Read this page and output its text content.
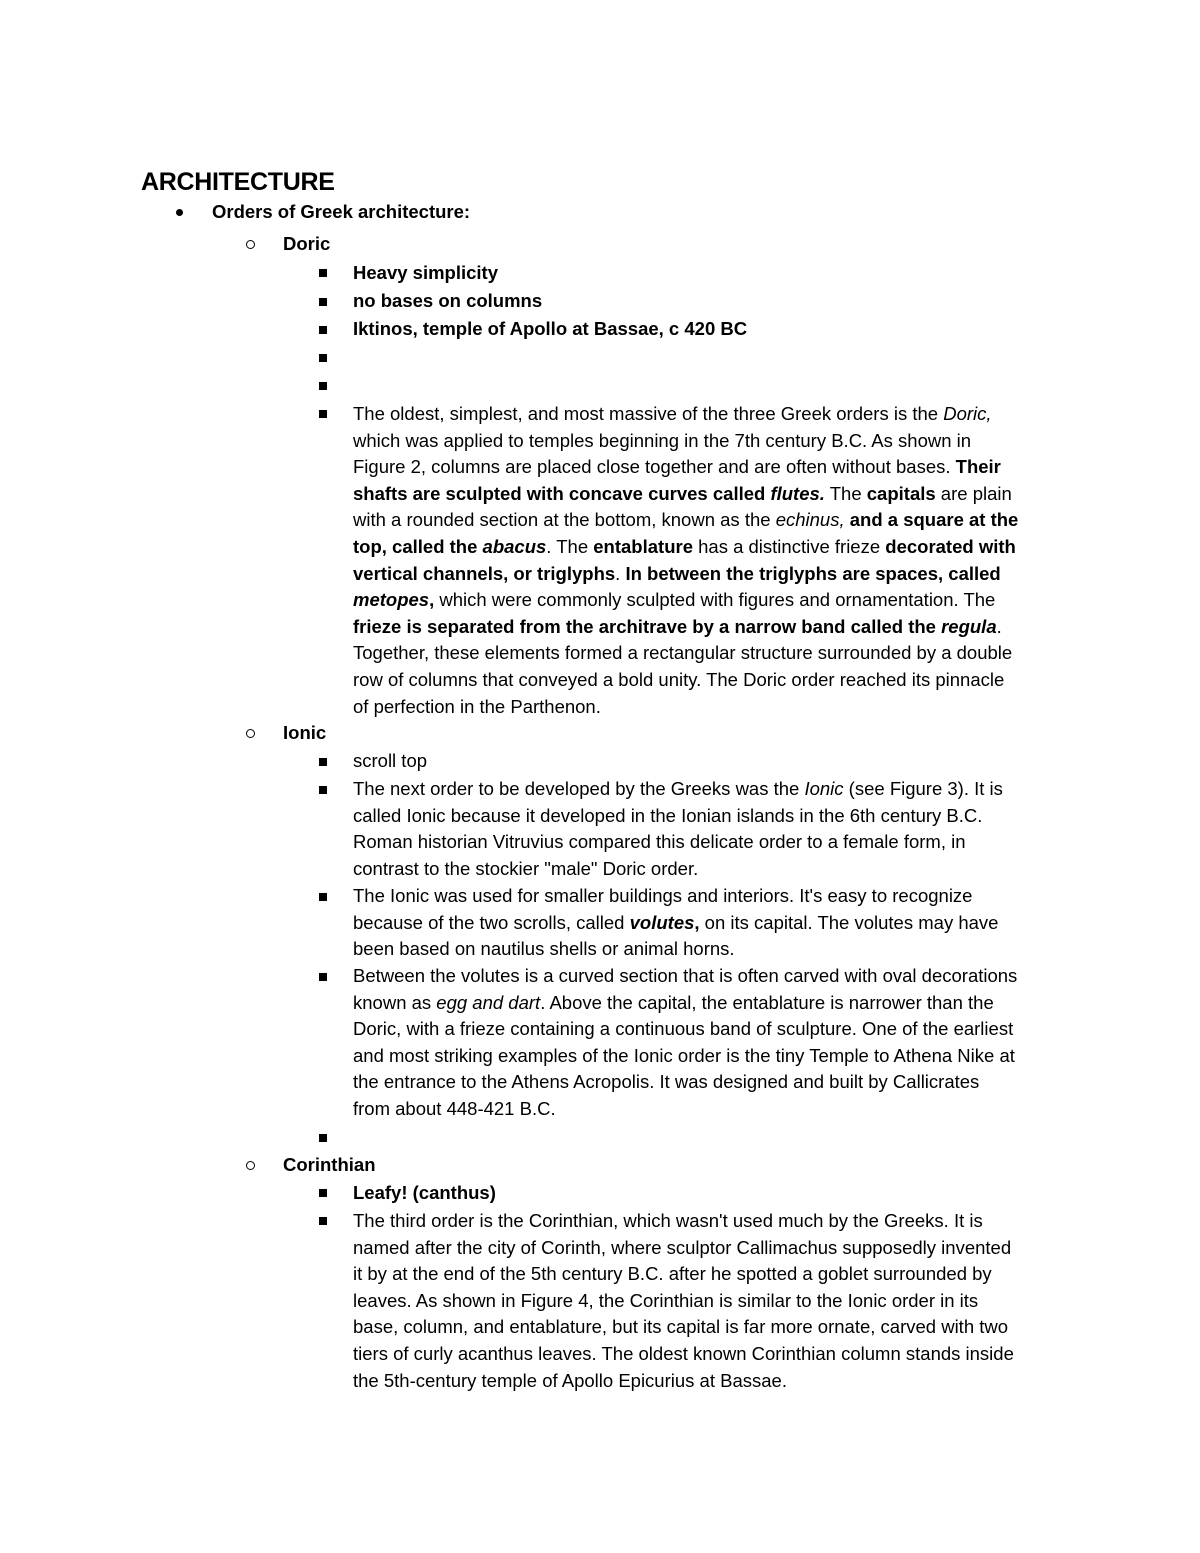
ARCHITECTURE
Orders of Greek architecture:
Doric
Heavy simplicity
no bases on columns
Iktinos, temple of Apollo at Bassae, c 420 BC
The oldest, simplest, and most massive of the three Greek orders is the Doric,
which was applied to temples beginning in the 7th century B.C. As shown in
Figure 2, columns are placed close together and are often without bases. Their
shafts are sculpted with concave curves called flutes. The capitals are plain
with a rounded section at the bottom, known as the echinus, and a square at the
top, called the abacus. The entablature has a distinctive frieze decorated with
vertical channels, or triglyphs. In between the triglyphs are spaces, called
metopes, which were commonly sculpted with figures and ornamentation. The
frieze is separated from the architrave by a narrow band called the regula.
Together, these elements formed a rectangular structure surrounded by a double
row of columns that conveyed a bold unity. The Doric order reached its pinnacle
of perfection in the Parthenon.
Ionic
scroll top
The next order to be developed by the Greeks was the Ionic (see Figure 3). It is
called Ionic because it developed in the Ionian islands in the 6th century B.C.
Roman historian Vitruvius compared this delicate order to a female form, in
contrast to the stockier "male" Doric order.
The Ionic was used for smaller buildings and interiors. It's easy to recognize
because of the two scrolls, called volutes, on its capital. The volutes may have
been based on nautilus shells or animal horns.
Between the volutes is a curved section that is often carved with oval decorations
known as egg and dart. Above the capital, the entablature is narrower than the
Doric, with a frieze containing a continuous band of sculpture. One of the earliest
and most striking examples of the Ionic order is the tiny Temple to Athena Nike at
the entrance to the Athens Acropolis. It was designed and built by Callicrates
from about 448-421 B.C.
Corinthian
Leafy! (canthus)
The third order is the Corinthian, which wasn't used much by the Greeks. It is
named after the city of Corinth, where sculptor Callimachus supposedly invented
it by at the end of the 5th century B.C. after he spotted a goblet surrounded by
leaves. As shown in Figure 4, the Corinthian is similar to the Ionic order in its
base, column, and entablature, but its capital is far more ornate, carved with two
tiers of curly acanthus leaves. The oldest known Corinthian column stands inside
the 5th-century temple of Apollo Epicurius at Bassae.
